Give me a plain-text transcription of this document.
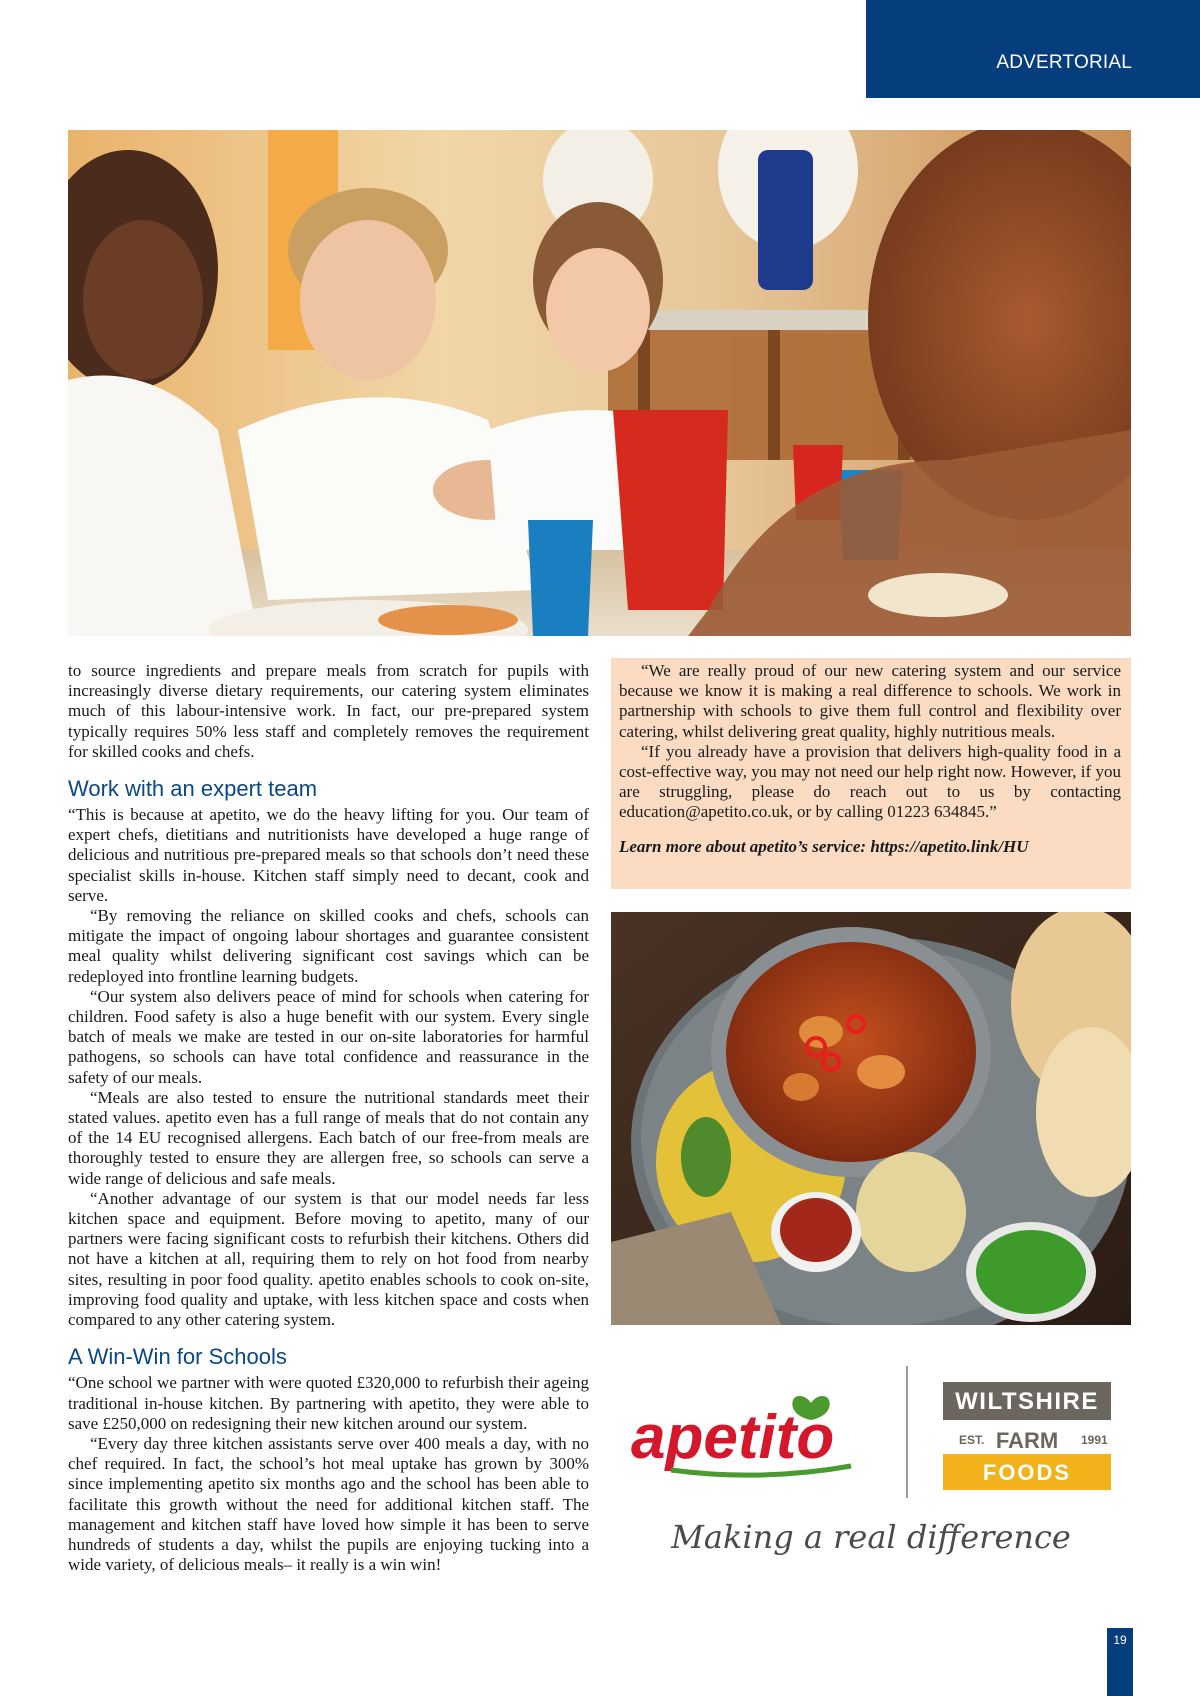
ADVERTORIAL

to source ingredients and prepare meals from scratch for pupils with increasingly diverse dietary requirements, our catering system eliminates much of this labour-intensive work. In fact, our pre-prepared system typically requires 50% less staff and completely removes the requirement for skilled cooks and chefs.

Work with an expert team

“This is because at apetito, we do the heavy lifting for you. Our team of expert chefs, dietitians and nutritionists have developed a huge range of delicious and nutritious pre-prepared meals so that schools don’t need these specialist skills in-house. Kitchen staff simply need to decant, cook and serve.

“By removing the reliance on skilled cooks and chefs, schools can mitigate the impact of ongoing labour shortages and guarantee consistent meal quality whilst delivering significant cost savings which can be redeployed into frontline learning budgets.

“Our system also delivers peace of mind for schools when catering for children. Food safety is also a huge benefit with our system. Every single batch of meals we make are tested in our on-site laboratories for harmful pathogens, so schools can have total confidence and reassurance in the safety of our meals.

“Meals are also tested to ensure the nutritional standards meet their stated values. apetito even has a full range of meals that do not contain any of the 14 EU recognised allergens. Each batch of our free-from meals are thoroughly tested to ensure they are allergen free, so schools can serve a wide range of delicious and safe meals.

“Another advantage of our system is that our model needs far less kitchen space and equipment. Before moving to apetito, many of our partners were facing significant costs to refurbish their kitchens. Others did not have a kitchen at all, requiring them to rely on hot food from nearby sites, resulting in poor food quality. apetito enables schools to cook on-site, improving food quality and uptake, with less kitchen space and costs when compared to any other catering system.

A Win-Win for Schools

“One school we partner with were quoted £320,000 to refurbish their ageing traditional in-house kitchen. By partnering with apetito, they were able to save £250,000 on redesigning their new kitchen around our system.

“Every day three kitchen assistants serve over 400 meals a day, with no chef required. In fact, the school’s hot meal uptake has grown by 300% since implementing apetito six months ago and the school has been able to facilitate this growth without the need for additional kitchen staff. The management and kitchen staff have loved how simple it has been to serve hundreds of students a day, whilst the pupils are enjoying tucking into a wide variety, of delicious meals– it really is a win win!

“We are really proud of our new catering system and our service because we know it is making a real difference to schools. We work in partnership with schools to give them full control and flexibility over catering, whilst delivering great quality, highly nutritious meals.

“If you already have a provision that delivers high-quality food in a cost-effective way, you may not need our help right now. However, if you are struggling, please do reach out to us by contacting education@apetito.co.uk, or by calling 01223 634845.”

Learn more about apetito’s service: https://apetito.link/HU

apetito
WILTSHIRE
EST. FARM 1991
FOODS
Making a real difference
19
